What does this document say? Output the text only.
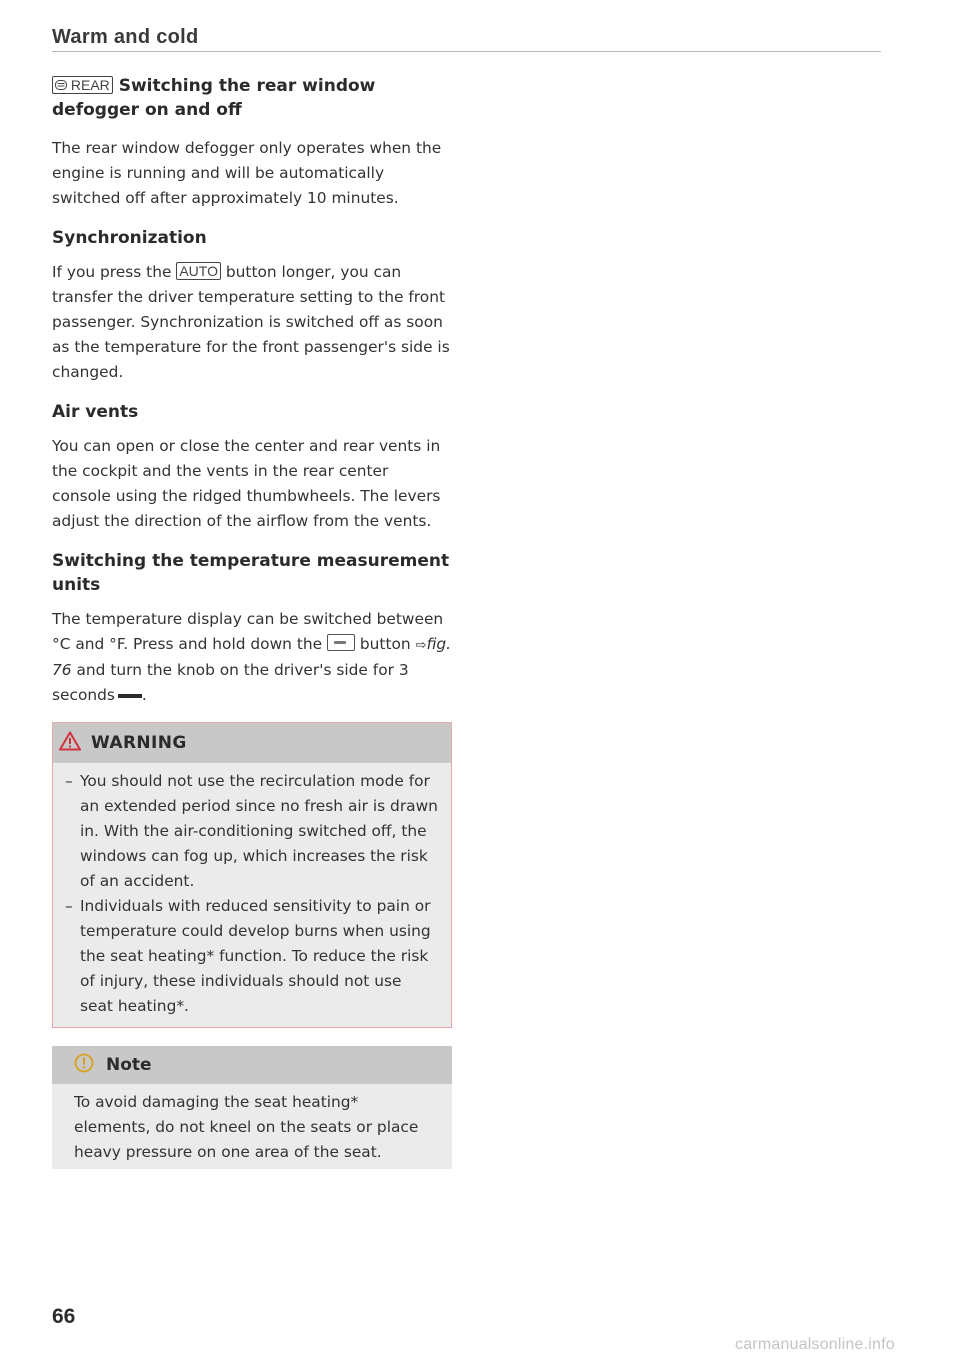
Warm and cold
REAR Switching the rear window defogger on and off

The rear window defogger only operates when the engine is running and will be automatically switched off after approximately 10 minutes.

Synchronization

If you press the AUTO button longer, you can transfer the driver temperature setting to the front passenger. Synchronization is switched off as soon as the temperature for the front passenger's side is changed.

Air vents

You can open or close the center and rear vents in the cockpit and the vents in the rear center console using the ridged thumbwheels. The levers adjust the direction of the airflow from the vents.

Switching the temperature measurement units

The temperature display can be switched between °C and °F. Press and hold down the button ⇨fig. 76 and turn the knob on the driver's side for 3 seconds .

WARNING

– You should not use the recirculation mode for an extended period since no fresh air is drawn in. With the air-conditioning switched off, the windows can fog up, which increases the risk of an accident.

– Individuals with reduced sensitivity to pain or temperature could develop burns when using the seat heating* function. To reduce the risk of injury, these individuals should not use seat heating*.

Note

To avoid damaging the seat heating* elements, do not kneel on the seats or place heavy pressure on one area of the seat.

66
carmanualsonline.info
